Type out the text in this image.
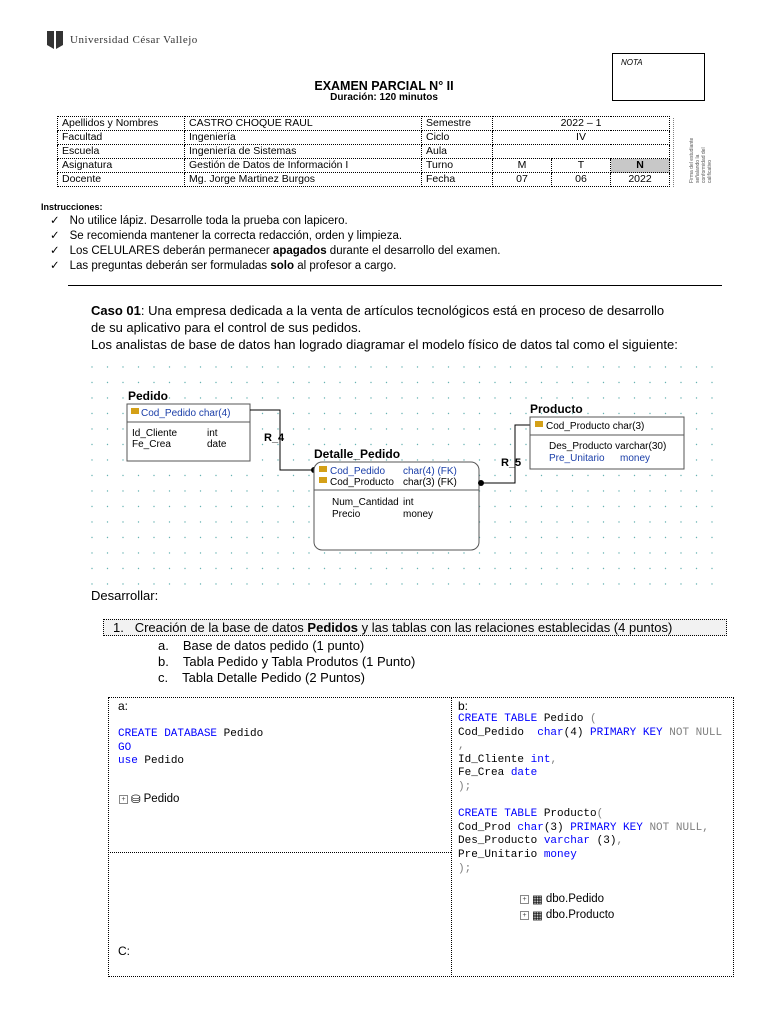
Universidad César Vallejo
NOTA
EXAMEN PARCIAL N° II
Duración: 120 minutos
Apellidos y Nombres	CASTRO CHOQUE RAUL	Semestre	2022 – 1			
Facultad	Ingeniería	Ciclo	IV			
Escuela	Ingeniería de Sistemas	Aula				
Asignatura	Gestión de Datos de Información I	Turno	M	T	N	
Docente	Mg. Jorge Martinez Burgos	Fecha	07	06	2022		Firma del estudiante señalando la conformidad del calificativo
Instrucciones:
✓ No utilice lápiz. Desarrolle toda la prueba con lapicero.
✓ Se recomienda mantener la correcta redacción, orden y limpieza.
✓ Los CELULARES deberán permanecer apagados durante el desarrollo del examen.
✓ Las preguntas deberán ser formuladas solo al profesor a cargo.
Caso 01: Una empresa dedicada a la venta de artículos tecnológicos está en proceso de desarrollo
de su aplicativo para el control de sus pedidos.
Los analistas de base de datos han logrado diagramar el modelo físico de datos tal como el siguiente:
Pedido
Cod_Pedido char(4)
Id_Cliente	int
Fe_Crea	date
R_4
Detalle_Pedido
Cod_Pedido char(4) (FK)
Cod_Producto char(3) (FK)
Num_Cantidad int
Precio	money
R_5
Producto
Cod_Producto char(3)
Des_Producto varchar(30)
Pre_Unitario money
Desarrollar:
1. Creación de la base de datos Pedidos y las tablas con las relaciones establecidas (4 puntos)
a. Base de datos pedido (1 punto)
b. Tabla Pedido y Tabla Produtos (1 Punto)
c. Tabla Detalle Pedido (2 Puntos)
a:
CREATE DATABASE Pedido
GO
use Pedido
+ ⛁ Pedido
C:
b:
CREATE TABLE Pedido (
Cod_Pedido  char(4) PRIMARY KEY NOT NULL
,
Id_Cliente int,
Fe_Crea date
);

CREATE TABLE Producto(
Cod_Prod char(3) PRIMARY KEY NOT NULL,
Des_Producto varchar (3),
Pre_Unitario money
);
+ ▦ dbo.Pedido
+ ▦ dbo.Producto
